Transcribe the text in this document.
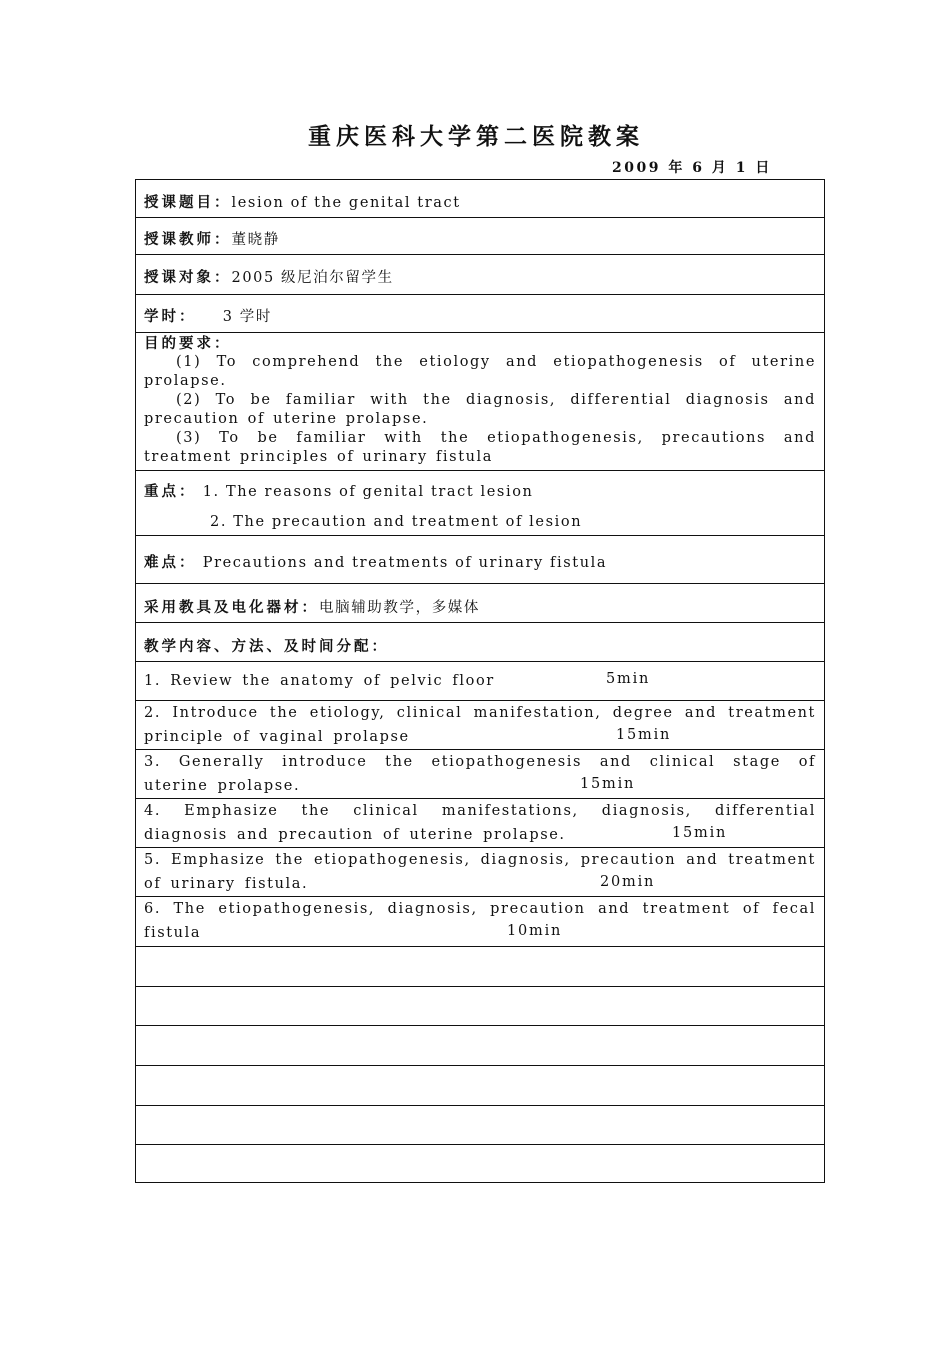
重庆医科大学第二医院教案
2009 年 6 月 1 日
授课题目：lesion of the genital tract
授课教师：董晓静
授课对象：2005 级尼泊尔留学生
学时： 3 学时
目的要求：
(1) To comprehend the etiology and etiopathogenesis of uterine prolapse.
(2) To be familiar with the diagnosis, differential diagnosis and precaution of uterine prolapse.
(3) To be familiar with the etiopathogenesis, precautions and treatment principles of urinary fistula
重点： 1. The reasons of genital tract lesion
2. The precaution and treatment of lesion
难点： Precautions and treatments of urinary fistula
采用教具及电化器材：电脑辅助教学，多媒体
教学内容、方法、及时间分配：
1. Review the anatomy of pelvic floor	5min
2. Introduce the etiology, clinical manifestation, degree and treatment principle of vaginal prolapse	15min
3. Generally introduce the etiopathogenesis and clinical stage of uterine prolapse.	15min
4. Emphasize the clinical manifestations, diagnosis, differential diagnosis and precaution of uterine prolapse.	15min
5. Emphasize the etiopathogenesis, diagnosis, precaution and treatment of urinary fistula.	20min
6. The etiopathogenesis, diagnosis, precaution and treatment of fecal fistula	10min
